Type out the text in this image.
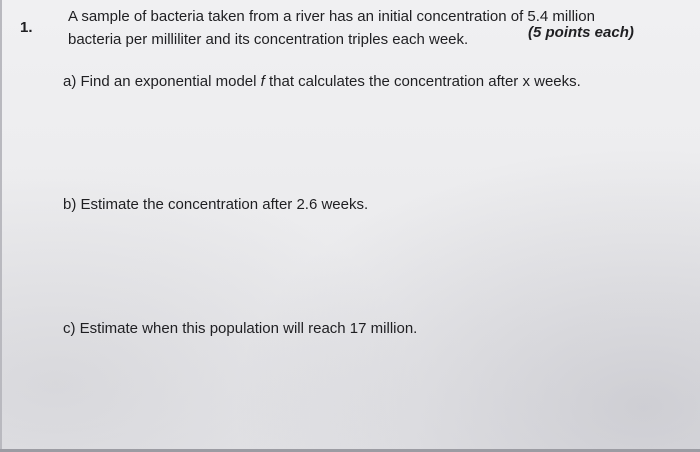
1.
A sample of bacteria taken from a river has an initial concentration of 5.4 million
bacteria per milliliter and its concentration triples each week.	(5 points each)
a) Find an exponential model f that calculates the concentration after x weeks.
b) Estimate the concentration after 2.6 weeks.
c) Estimate when this population will reach 17 million.
